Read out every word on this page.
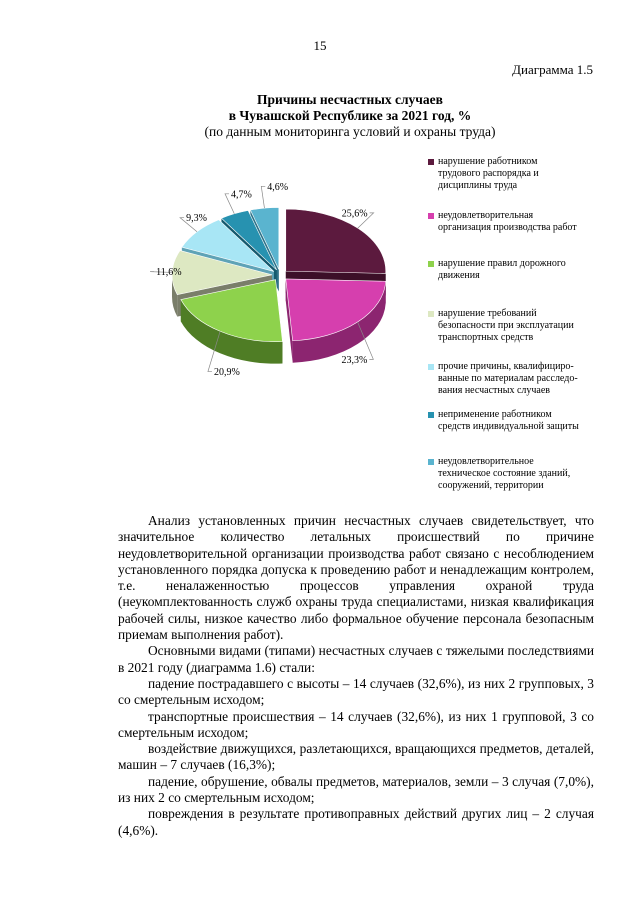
15
Диаграмма 1.5
Причины несчастных случаев
в Чувашской Республике за 2021 год, %
(по данным мониторинга условий и охраны труда)
25,6%
23,3%
20,9%
11,6%
9,3%
4,7%
4,6%
нарушение работником
трудового распорядка и
дисциплины труда
неудовлетворительная
организация производства работ
нарушение правил дорожного
движения
нарушение требований
безопасности при эксплуатации
транспортных средств
прочие причины, квалифициро-
ванные по материалам расследо-
вания несчастных случаев
неприменение работником
средств индивидуальной защиты
неудовлетворительное
техническое состояние зданий,
сооружений, территории

Анализ установленных причин несчастных случаев свидетельствует, что значительное количество летальных происшествий по причине неудовлетворительной организации производства работ связано с несоблюдением установленного порядка допуска к проведению работ и ненадлежащим контролем, т.е. неналаженностью процессов управления охраной труда (неукомплектованность служб охраны труда специалистами, низкая квалификация рабочей силы, низкое качество либо формальное обучение персонала безопасным приемам выполнения работ).

Основными видами (типами) несчастных случаев с тяжелыми последствиями в 2021 году (диаграмма 1.6) стали:

падение пострадавшего с высоты – 14 случаев (32,6%), из них 2 групповых, 3 со смертельным исходом;

транспортные происшествия – 14 случаев (32,6%), из них 1 групповой, 3 со смертельным исходом;

воздействие движущихся, разлетающихся, вращающихся предметов, деталей, машин – 7 случаев (16,3%);

падение, обрушение, обвалы предметов, материалов, земли – 3 случая (7,0%), из них 2 со смертельным исходом;

повреждения в результате противоправных действий других лиц – 2 случая (4,6%).
